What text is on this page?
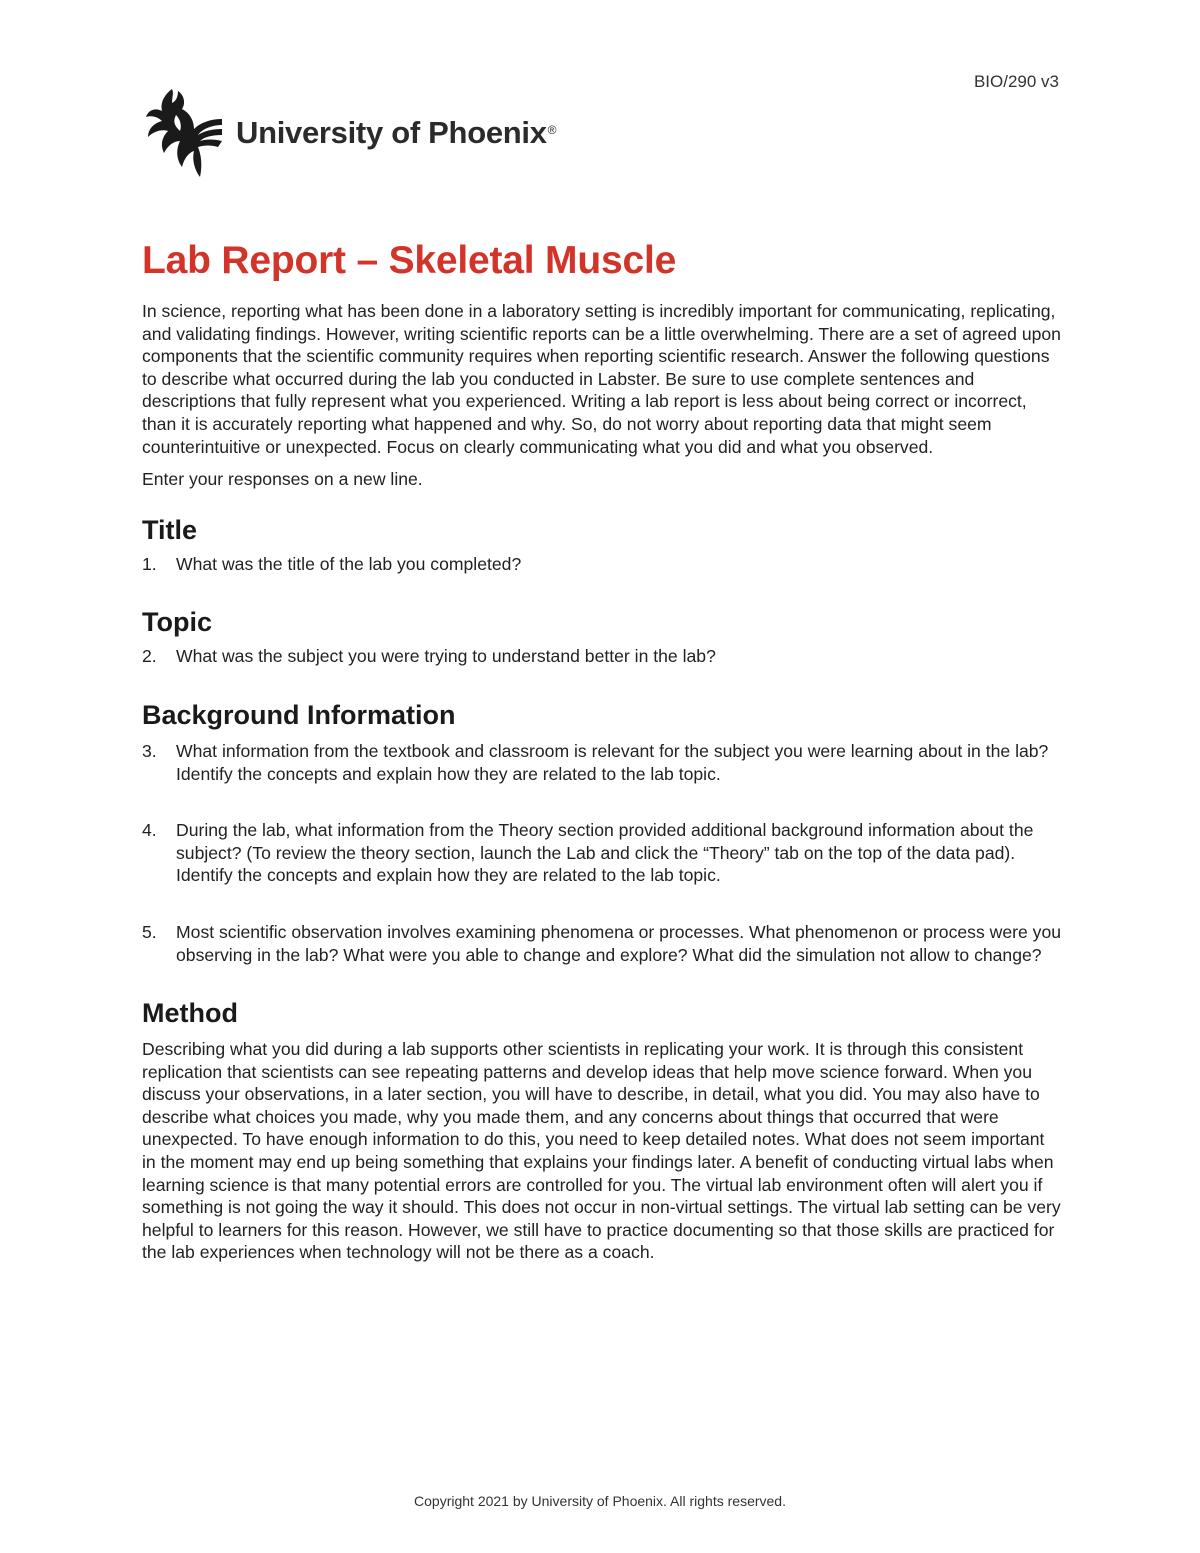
BIO/290 v3
University of Phoenix®
Lab Report – Skeletal Muscle

In science, reporting what has been done in a laboratory setting is incredibly important for communicating, replicating, and validating findings. However, writing scientific reports can be a little overwhelming. There are a set of agreed upon components that the scientific community requires when reporting scientific research. Answer the following questions to describe what occurred during the lab you conducted in Labster. Be sure to use complete sentences and descriptions that fully represent what you experienced. Writing a lab report is less about being correct or incorrect, than it is accurately reporting what happened and why. So, do not worry about reporting data that might seem counterintuitive or unexpected. Focus on clearly communicating what you did and what you observed.

Enter your responses on a new line.

Title
1. What was the title of the lab you completed?
Topic
2. What was the subject you were trying to understand better in the lab?
Background Information
3. What information from the textbook and classroom is relevant for the subject you were learning about in the lab? Identify the concepts and explain how they are related to the lab topic.
4. During the lab, what information from the Theory section provided additional background information about the subject? (To review the theory section, launch the Lab and click the “Theory” tab on the top of the data pad). Identify the concepts and explain how they are related to the lab topic.
5. Most scientific observation involves examining phenomena or processes. What phenomenon or process were you observing in the lab? What were you able to change and explore? What did the simulation not allow to change?
Method

Describing what you did during a lab supports other scientists in replicating your work. It is through this consistent replication that scientists can see repeating patterns and develop ideas that help move science forward. When you discuss your observations, in a later section, you will have to describe, in detail, what you did. You may also have to describe what choices you made, why you made them, and any concerns about things that occurred that were unexpected. To have enough information to do this, you need to keep detailed notes. What does not seem important in the moment may end up being something that explains your findings later. A benefit of conducting virtual labs when learning science is that many potential errors are controlled for you. The virtual lab environment often will alert you if something is not going the way it should. This does not occur in non-virtual settings. The virtual lab setting can be very helpful to learners for this reason. However, we still have to practice documenting so that those skills are practiced for the lab experiences when technology will not be there as a coach.

Copyright 2021 by University of Phoenix. All rights reserved.
